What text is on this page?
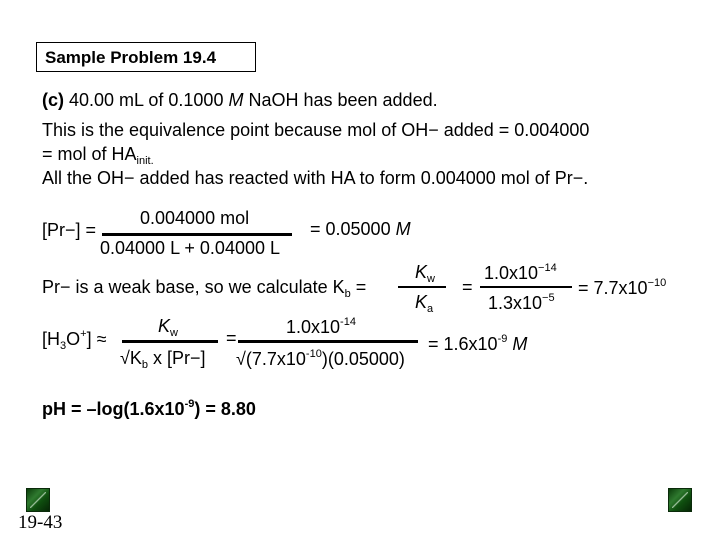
Sample Problem 19.4
(c) 40.00 mL of 0.1000 M NaOH has been added.
This is the equivalence point because mol of OH− added = 0.004000
= mol of $HA_{init.}$
All the OH− added has reacted with HA to form 0.004000 mol of Pr−.
[Pr−] =
0.004000 mol
0.04000 L + 0.04000 L
= 0.05000 M
Pr− is a weak base, so we calculate $K_b$ =
$K_w$
$K_a$
=
$1.0x10^{-14}$
$1.3x10^{-5} = 7.7x10^{-10}$
$[H_3O^+]$ ≈
$K_w$
$√K_b$ x [Pr−]
=
$1.0x10^{-14}$
$√(7.7x10^{-10})(0.05000)$
= $1.6x10^{-9}$ M
pH = $-\log(1.6x10^{-9}) = 8.80$
19-43
